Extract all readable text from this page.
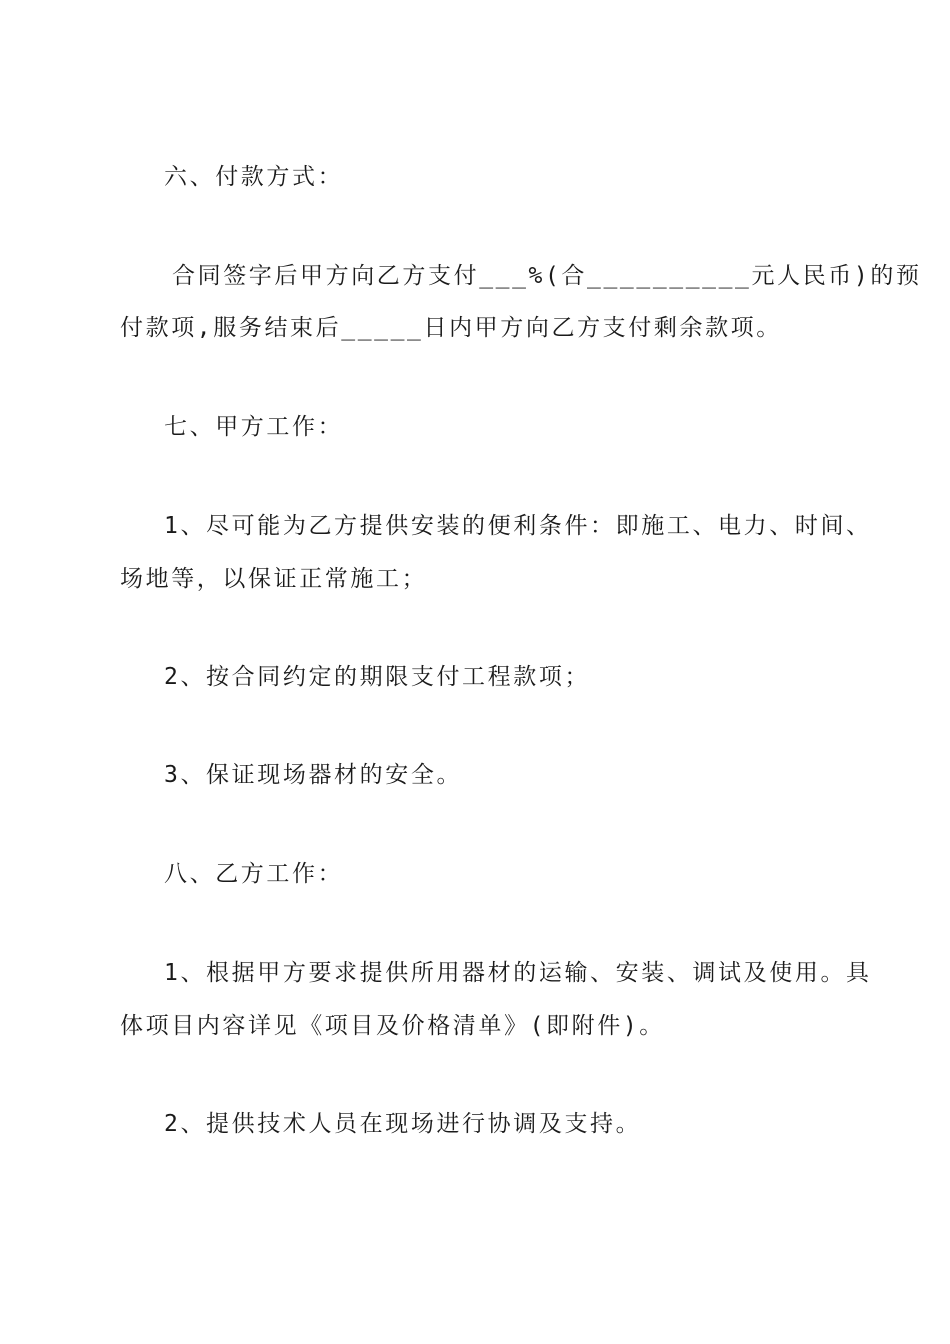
六、付款方式：
合同签字后甲方向乙方支付___%(合__________元人民币)的预
付款项,服务结束后_____日内甲方向乙方支付剩余款项。
七、甲方工作：
1、尽可能为乙方提供安装的便利条件：即施工、电力、时间、
场地等，以保证正常施工；
2、按合同约定的期限支付工程款项；
3、保证现场器材的安全。
八、乙方工作：
1、根据甲方要求提供所用器材的运输、安装、调试及使用。具
体项目内容详见《项目及价格清单》(即附件)。
2、提供技术人员在现场进行协调及支持。
